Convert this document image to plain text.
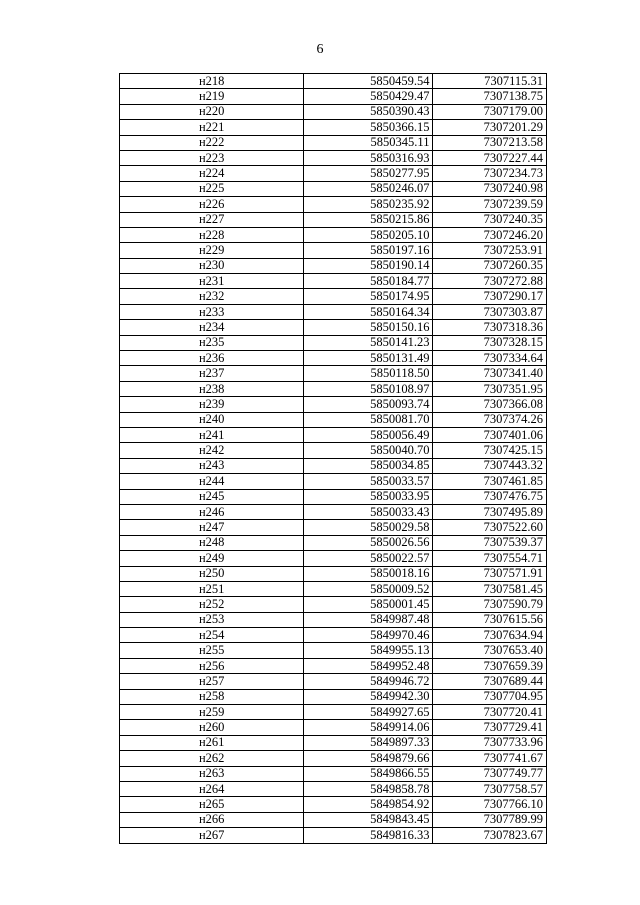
6
н218	5850459.54	7307115.31
н219	5850429.47	7307138.75
н220	5850390.43	7307179.00
н221	5850366.15	7307201.29
н222	5850345.11	7307213.58
н223	5850316.93	7307227.44
н224	5850277.95	7307234.73
н225	5850246.07	7307240.98
н226	5850235.92	7307239.59
н227	5850215.86	7307240.35
н228	5850205.10	7307246.20
н229	5850197.16	7307253.91
н230	5850190.14	7307260.35
н231	5850184.77	7307272.88
н232	5850174.95	7307290.17
н233	5850164.34	7307303.87
н234	5850150.16	7307318.36
н235	5850141.23	7307328.15
н236	5850131.49	7307334.64
н237	5850118.50	7307341.40
н238	5850108.97	7307351.95
н239	5850093.74	7307366.08
н240	5850081.70	7307374.26
н241	5850056.49	7307401.06
н242	5850040.70	7307425.15
н243	5850034.85	7307443.32
н244	5850033.57	7307461.85
н245	5850033.95	7307476.75
н246	5850033.43	7307495.89
н247	5850029.58	7307522.60
н248	5850026.56	7307539.37
н249	5850022.57	7307554.71
н250	5850018.16	7307571.91
н251	5850009.52	7307581.45
н252	5850001.45	7307590.79
н253	5849987.48	7307615.56
н254	5849970.46	7307634.94
н255	5849955.13	7307653.40
н256	5849952.48	7307659.39
н257	5849946.72	7307689.44
н258	5849942.30	7307704.95
н259	5849927.65	7307720.41
н260	5849914.06	7307729.41
н261	5849897.33	7307733.96
н262	5849879.66	7307741.67
н263	5849866.55	7307749.77
н264	5849858.78	7307758.57
н265	5849854.92	7307766.10
н266	5849843.45	7307789.99
н267	5849816.33	7307823.67
